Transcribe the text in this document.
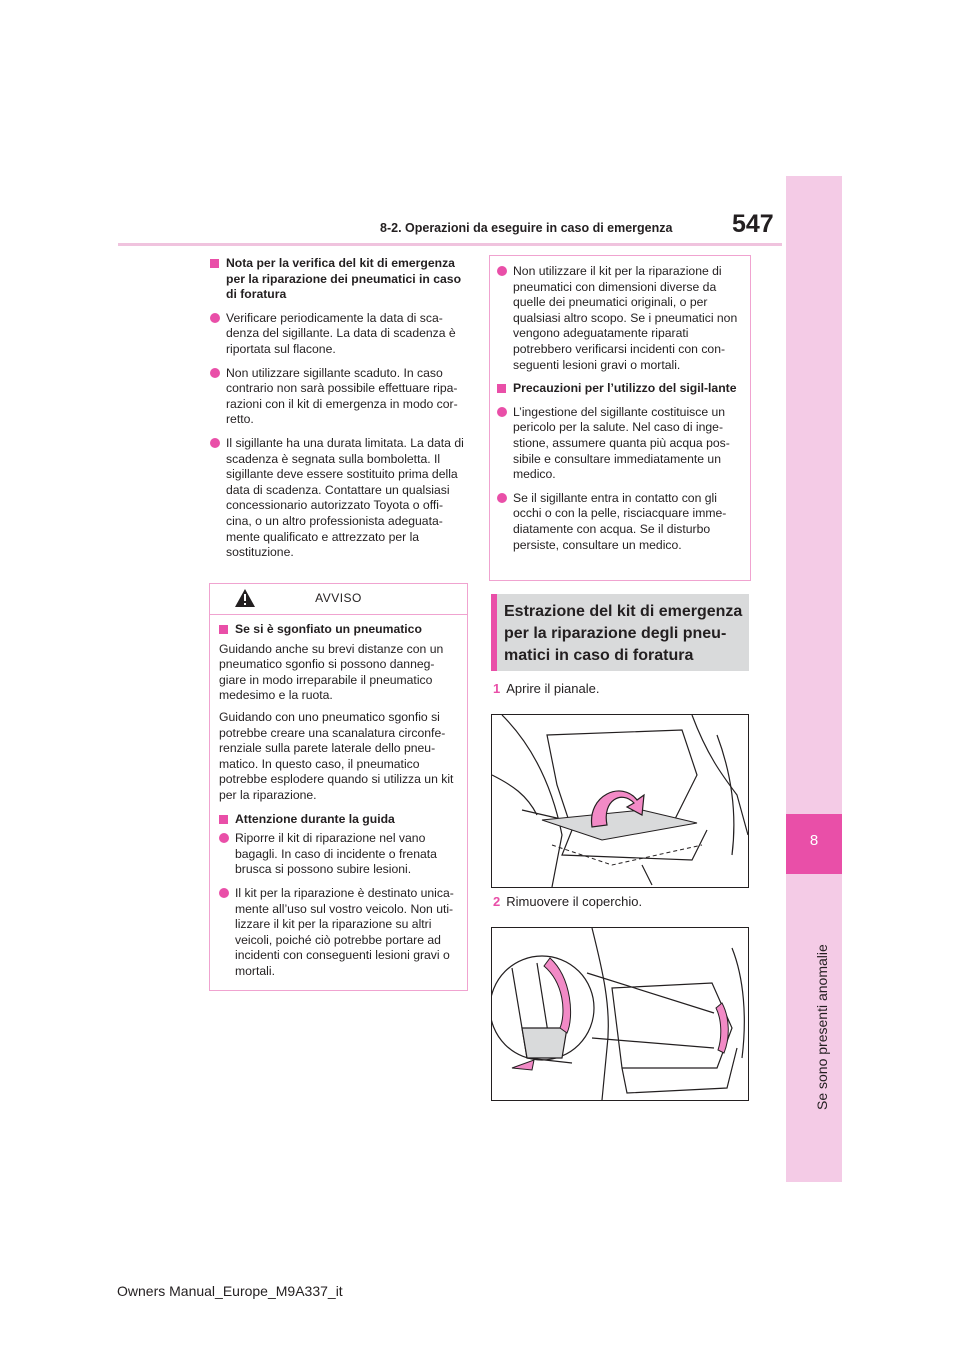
8
Se sono presenti anomalie
8-2. Operazioni da eseguire in caso di emergenza 547
Nota per la verifica del kit di emergenza per la riparazione dei pneumatici in caso di foratura
Verificare periodicamente la data di sca-denza del sigillante. La data di scadenza è riportata sul flacone.
Non utilizzare sigillante scaduto. In caso contrario non sarà possibile effettuare ripa-razioni con il kit di emergenza in modo cor-retto.
Il sigillante ha una durata limitata. La data di scadenza è segnata sulla bomboletta. Il sigillante deve essere sostituito prima della data di scadenza. Contattare un qualsiasi concessionario autorizzato Toyota o offi-cina, o un altro professionista adeguata-mente qualificato e attrezzato per la sostituzione.
AVVISO
Se si è sgonfiato un pneumatico
Guidando anche su brevi distanze con un pneumatico sgonfio si possono danneg-giare in modo irreparabile il pneumatico medesimo e la ruota.
Guidando con uno pneumatico sgonfio si potrebbe creare una scanalatura circonfe-renziale sulla parete laterale dello pneu-matico. In questo caso, il pneumatico potrebbe esplodere quando si utilizza un kit per la riparazione.
Attenzione durante la guida
Riporre il kit di riparazione nel vano bagagli. In caso di incidente o frenata brusca si possono subire lesioni.
Il kit per la riparazione è destinato unica-mente all’uso sul vostro veicolo. Non uti-lizzare il kit per la riparazione su altri veicoli, poiché ciò potrebbe portare ad incidenti con conseguenti lesioni gravi o mortali.
Non utilizzare il kit per la riparazione di pneumatici con dimensioni diverse da quelle dei pneumatici originali, o per qualsiasi altro scopo. Se i pneumatici non vengono adeguatamente riparati potrebbero verificarsi incidenti con con-seguenti lesioni gravi o mortali.
Precauzioni per l’utilizzo del sigil-lante
L’ingestione del sigillante costituisce un pericolo per la salute. Nel caso di inge-stione, assumere quanta più acqua pos-sibile e consultare immediatamente un medico.
Se il sigillante entra in contatto con gli occhi o con la pelle, risciacquare imme-diatamente con acqua. Se il disturbo persiste, consultare un medico.
Estrazione del kit di emergenza per la riparazione degli pneu-matici in caso di foratura
1 Aprire il pianale.
2 Rimuovere il coperchio.
Owners Manual_Europe_M9A337_it
